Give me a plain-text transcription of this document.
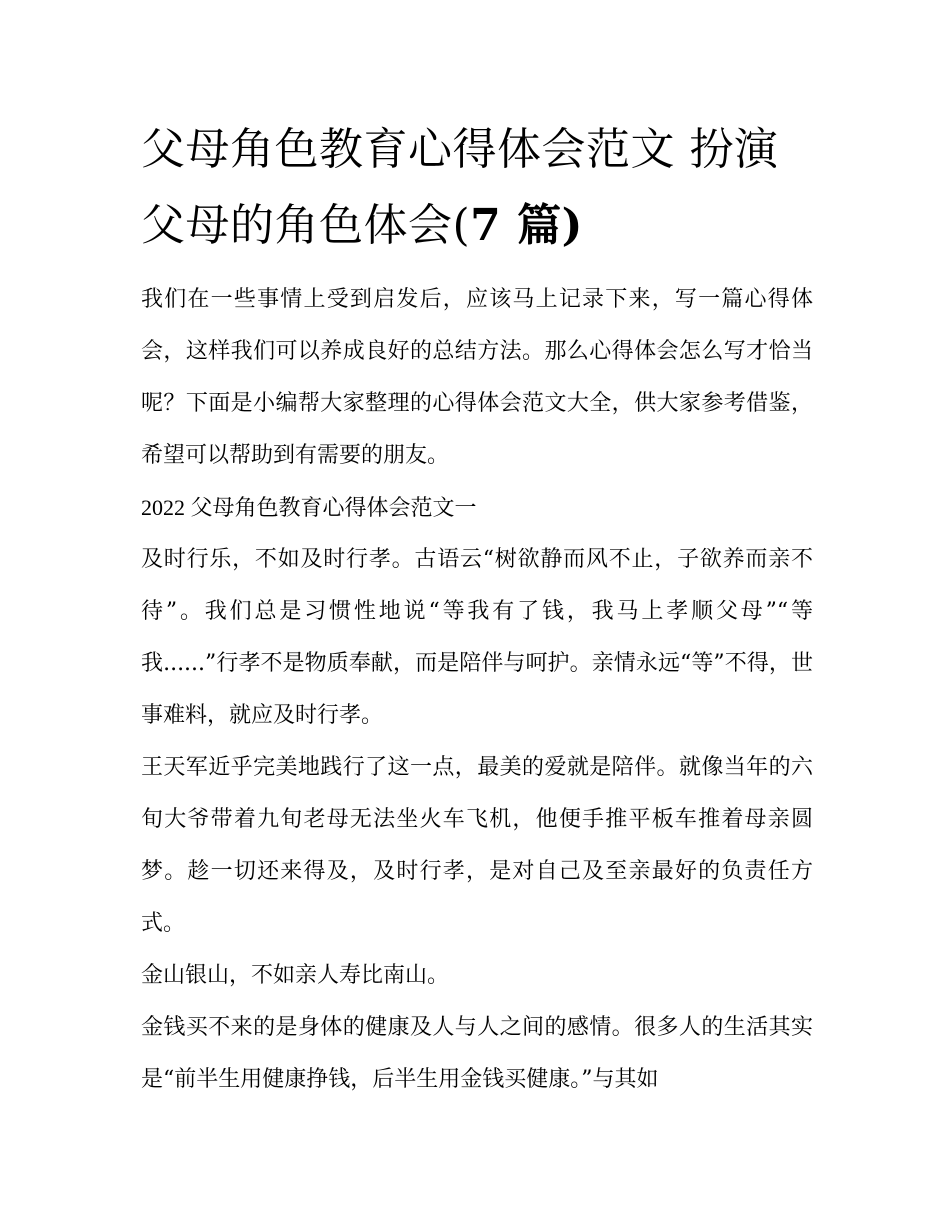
父母角色教育心得体会范文 扮演父母的角色体会(7 篇)

我们在一些事情上受到启发后，应该马上记录下来，写一篇心得体会，这样我们可以养成良好的总结方法。那么心得体会怎么写才恰当呢？下面是小编帮大家整理的心得体会范文大全，供大家参考借鉴，希望可以帮助到有需要的朋友。

2022 父母角色教育心得体会范文一

及时行乐，不如及时行孝。古语云“树欲静而风不止，子欲养而亲不待”。我们总是习惯性地说“等我有了钱，我马上孝顺父母”“等我......”行孝不是物质奉献，而是陪伴与呵护。亲情永远“等”不得，世事难料，就应及时行孝。

王天军近乎完美地践行了这一点，最美的爱就是陪伴。就像当年的六旬大爷带着九旬老母无法坐火车飞机，他便手推平板车推着母亲圆梦。趁一切还来得及，及时行孝，是对自己及至亲最好的负责任方式。

金山银山，不如亲人寿比南山。

金钱买不来的是身体的健康及人与人之间的感情。很多人的生活其实是“前半生用健康挣钱，后半生用金钱买健康。”与其如
